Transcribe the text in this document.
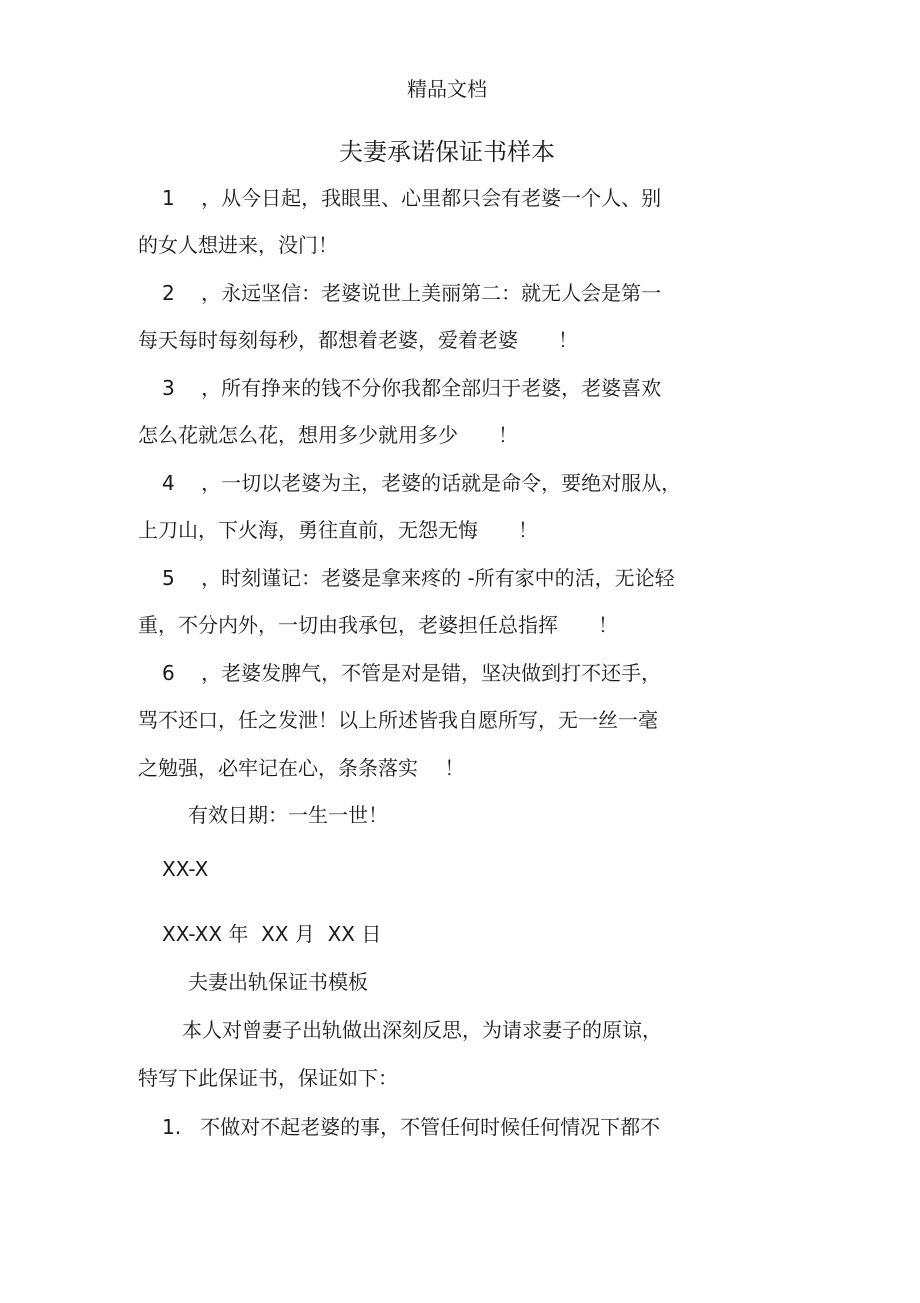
精品文档
夫妻承诺保证书样本
1　 ，从今日起，我眼里、心里都只会有老婆一个人、别
的女人想进来，没门！
2　 ，永远坚信：老婆说世上美丽第二：就无人会是第一
每天每时每刻每秒，都想着老婆，爱着老婆　　！
3　 ，所有挣来的钱不分你我都全部归于老婆，老婆喜欢
怎么花就怎么花，想用多少就用多少　　！
4　 ，一切以老婆为主，老婆的话就是命令，要绝对服从，
上刀山，下火海，勇往直前，无怨无悔　　！
5　 ，时刻谨记：老婆是拿来疼的 -所有家中的活，无论轻
重，不分内外，一切由我承包，老婆担任总指挥　　！
6　 ，老婆发脾气，不管是对是错，坚决做到打不还手，
骂不还口，任之发泄！以上所述皆我自愿所写，无一丝一毫
之勉强，必牢记在心，条条落实　 ！
有效日期：一生一世！
XX-X
XX-XX 年  XX 月  XX 日
夫妻出轨保证书模板
本人对曾妻子出轨做出深刻反思，为请求妻子的原谅，
特写下此保证书，保证如下：
1.   不做对不起老婆的事，不管任何时候任何情况下都不
